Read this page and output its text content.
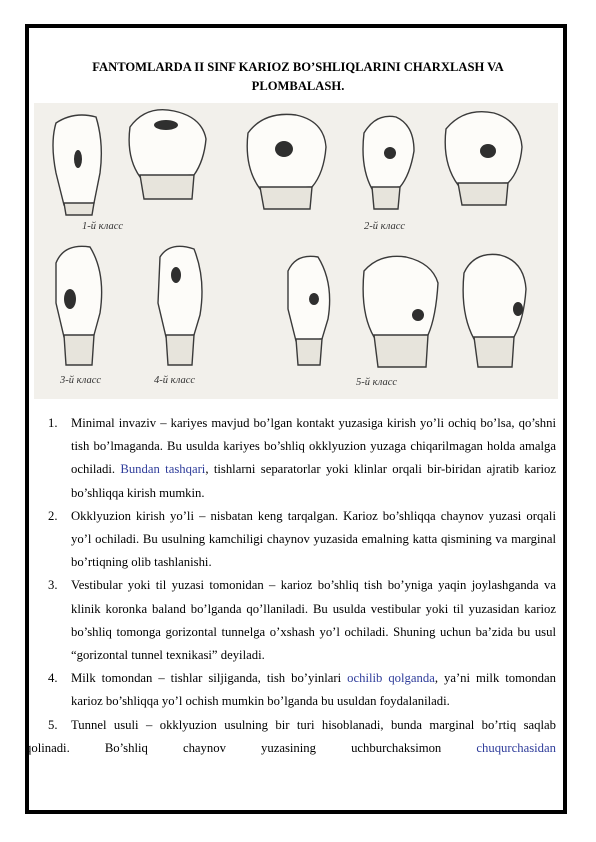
FANTOMLARDA II SINF KARIOZ BO’SHLIQLARINI CHARXLASH VA
PLOMBALASH.
1-й класс	2-й класс
3-й класс	4-й класс	5-й класс
1. Minimal invaziv – kariyes mavjud bo’lgan kontakt yuzasiga kirish yo’li ochiq bo’lsa, qo’shni tish bo’lmaganda. Bu usulda kariyes bo’shliq okklyuzion yuzaga chiqarilmagan holda amalga ochiladi. Bundan tashqari, tishlarni separatorlar yoki klinlar orqali bir-biridan ajratib karioz bo’shliqqa kirish mumkin.
2. Okklyuzion kirish yo’li – nisbatan keng tarqalgan. Karioz bo’shliqqa chaynov yuzasi orqali yo’l ochiladi. Bu usulning kamchiligi chaynov yuzasida emalning katta qismining va marginal bo’rtiqning olib tashlanishi.
3. Vestibular yoki til yuzasi tomonidan – karioz bo’shliq tish bo’yniga yaqin joylashganda va klinik koronka baland bo’lganda qo’llaniladi. Bu usulda vestibular yoki til yuzasidan karioz bo’shliq tomonga gorizontal tunnelga o’xshash yo’l ochiladi. Shuning uchun ba’zida bu usul “gorizontal tunnel texnikasi” deyiladi.
4. Milk tomondan – tishlar siljiganda, tish bo’yinlari ochilib qolganda, ya’ni milk tomondan karioz bo’shliqqa yo’l ochish mumkin bo’lganda bu usuldan foydalaniladi.
5.	Tunnel usuli – okklyuzion usulning bir turi hisoblanadi, bunda marginal bo’rtiq saqlab qolinadi. Bo’shliq chaynov yuzasining uchburchaksimon chuqurchasidan
